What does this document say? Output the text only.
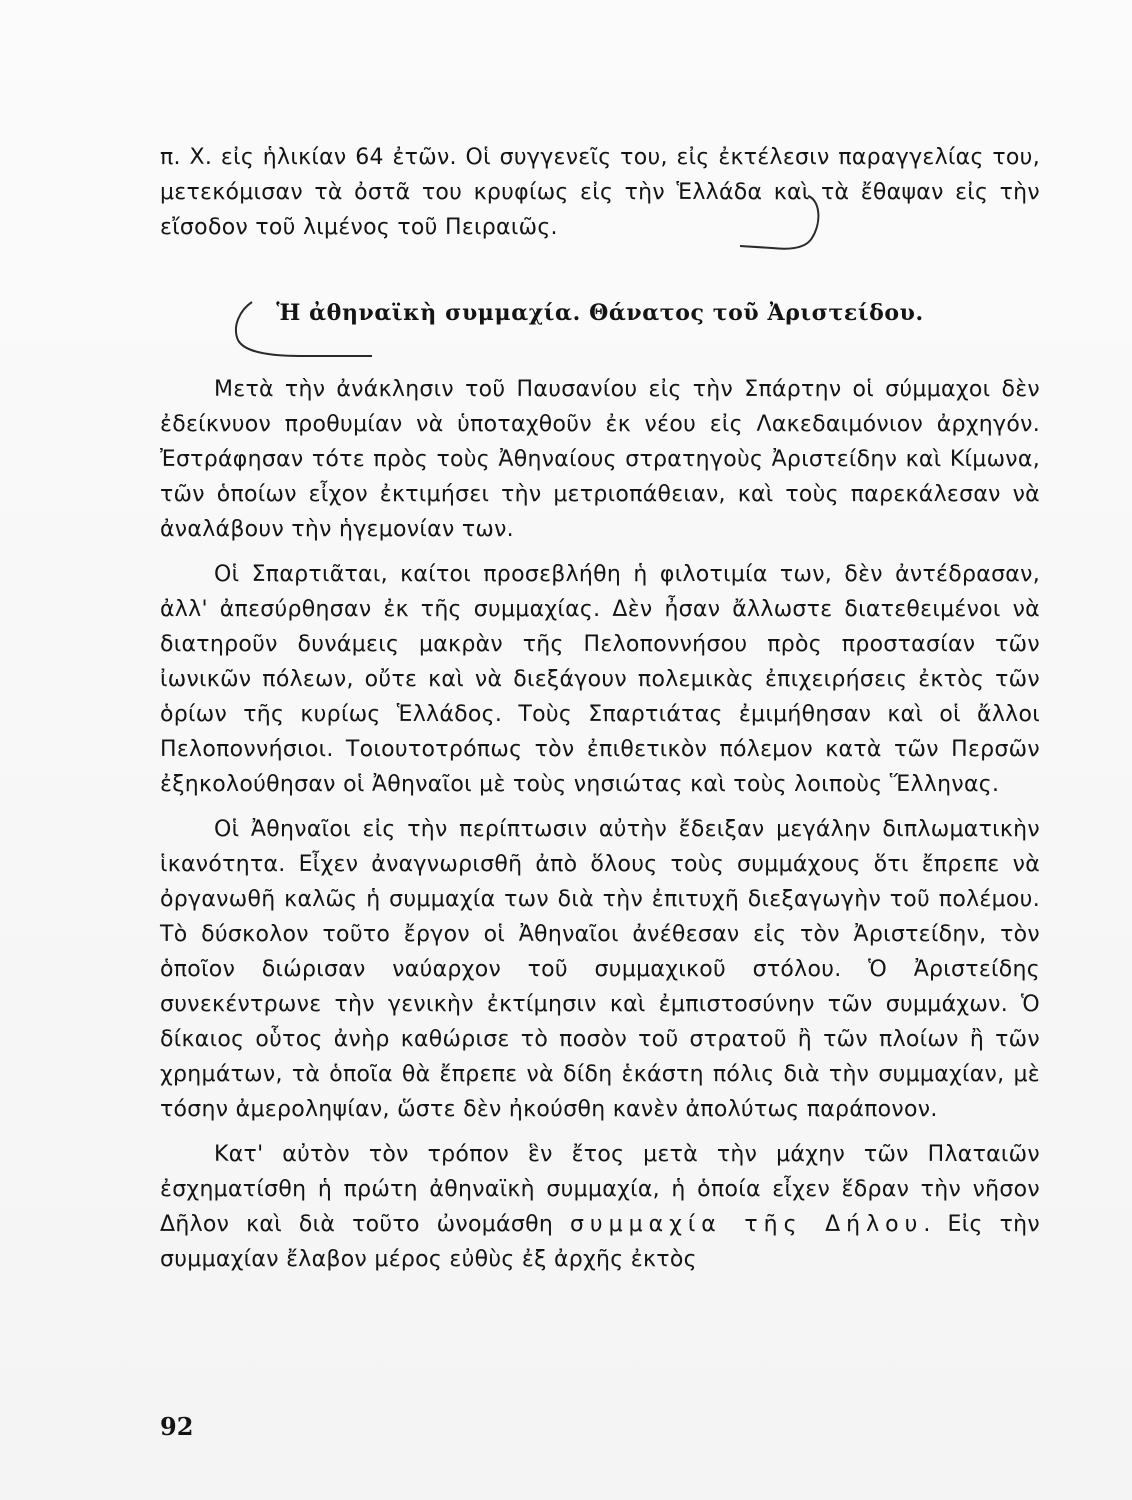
π. Χ. εἰς ἡλικίαν 64 ἐτῶν. Οἱ συγγενεῖς του, εἰς ἐκτέλεσιν παραγγελίας του, μετεκόμισαν τὰ ὀστᾶ του κρυφίως εἰς τὴν Ἑλλάδα καὶ τὰ ἔθαψαν εἰς τὴν εἴσοδον τοῦ λιμένος τοῦ Πειραιῶς.

Ἡ ἀθηναϊκὴ συμμαχία. Θάνατος τοῦ Ἀριστείδου.

Μετὰ τὴν ἀνάκλησιν τοῦ Παυσανίου εἰς τὴν Σπάρτην οἱ σύμμαχοι δὲν ἐδείκνυον προθυμίαν νὰ ὑποταχθοῦν ἐκ νέου εἰς Λακεδαιμόνιον ἀρχηγόν. Ἐστράφησαν τότε πρὸς τοὺς Ἀθηναίους στρατηγοὺς Ἀριστείδην καὶ Κίμωνα, τῶν ὁποίων εἶχον ἐκτιμήσει τὴν μετριοπάθειαν, καὶ τοὺς παρεκάλεσαν νὰ ἀναλάβουν τὴν ἡγεμονίαν των.

Οἱ Σπαρτιᾶται, καίτοι προσεβλήθη ἡ φιλοτιμία των, δὲν ἀντέδρασαν, ἀλλ' ἀπεσύρθησαν ἐκ τῆς συμμαχίας. Δὲν ἦσαν ἄλλωστε διατεθειμένοι νὰ διατηροῦν δυνάμεις μακρὰν τῆς Πελοποννήσου πρὸς προστασίαν τῶν ἰωνικῶν πόλεων, οὔτε καὶ νὰ διεξάγουν πολεμικὰς ἐπιχειρήσεις ἐκτὸς τῶν ὁρίων τῆς κυρίως Ἑλλάδος. Τοὺς Σπαρτιάτας ἐμιμήθησαν καὶ οἱ ἄλλοι Πελοποννήσιοι. Τοιουτοτρόπως τὸν ἐπιθετικὸν πόλεμον κατὰ τῶν Περσῶν ἐξηκολούθησαν οἱ Ἀθηναῖοι μὲ τοὺς νησιώτας καὶ τοὺς λοιποὺς Ἕλληνας.

Οἱ Ἀθηναῖοι εἰς τὴν περίπτωσιν αὐτὴν ἔδειξαν μεγάλην διπλωματικὴν ἱκανότητα. Εἶχεν ἀναγνωρισθῆ ἀπὸ ὅλους τοὺς συμμάχους ὅτι ἔπρεπε νὰ ὀργανωθῆ καλῶς ἡ συμμαχία των διὰ τὴν ἐπιτυχῆ διεξαγωγὴν τοῦ πολέμου. Τὸ δύσκολον τοῦτο ἔργον οἱ Ἀθηναῖοι ἀνέθεσαν εἰς τὸν Ἀριστείδην, τὸν ὁποῖον διώρισαν ναύαρχον τοῦ συμμαχικοῦ στόλου. Ὁ Ἀριστείδης συνεκέντρωνε τὴν γενικὴν ἐκτίμησιν καὶ ἐμπιστοσύνην τῶν συμμάχων. Ὁ δίκαιος οὗτος ἀνὴρ καθώρισε τὸ ποσὸν τοῦ στρατοῦ ἢ τῶν πλοίων ἢ τῶν χρημάτων, τὰ ὁποῖα θὰ ἔπρεπε νὰ δίδη ἑκάστη πόλις διὰ τὴν συμμαχίαν, μὲ τόσην ἀμεροληψίαν, ὥστε δὲν ἠκούσθη κανὲν ἀπολύτως παράπονον.

Κατ' αὐτὸν τὸν τρόπον ἓν ἔτος μετὰ τὴν μάχην τῶν Πλαταιῶν ἐσχηματίσθη ἡ πρώτη ἀθηναϊκὴ συμμαχία, ἡ ὁποία εἶχεν ἕδραν τὴν νῆσον Δῆλον καὶ διὰ τοῦτο ὠνομάσθη συμμαχία τῆς Δήλου. Εἰς τὴν συμμαχίαν ἔλαβον μέρος εὐθὺς ἐξ ἀρχῆς ἐκτὸς

92
